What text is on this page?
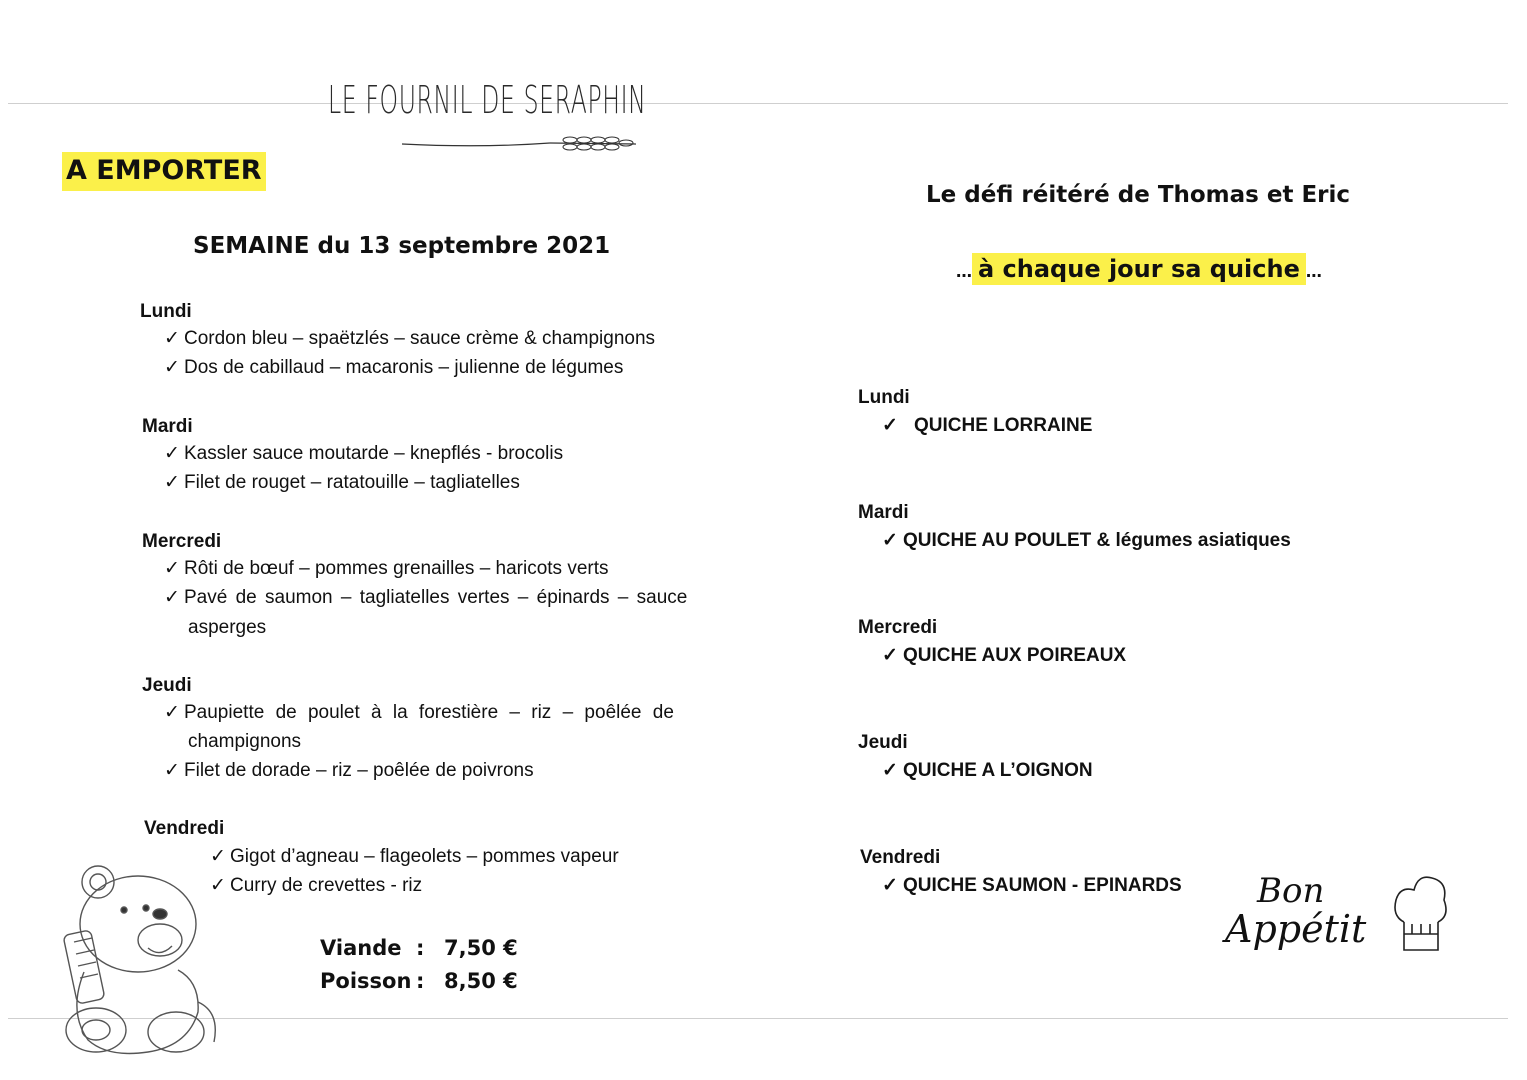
LE FOURNIL DE SERAPHIN
A EMPORTER
SEMAINE du 13 septembre 2021
Lundi
✓ Cordon bleu – spaëtzlés – sauce crème & champignons
✓ Dos de cabillaud – macaronis – julienne de légumes
Mardi
✓ Kassler sauce moutarde – knepflés - brocolis
✓ Filet de rouget – ratatouille – tagliatelles
Mercredi
✓ Rôti de bœuf – pommes grenailles – haricots verts
✓ Pavé de saumon – tagliatelles vertes – épinards – sauce
asperges
Jeudi
✓ Paupiette de poulet à la forestière – riz – poêlée de
champignons
✓ Filet de dorade – riz – poêlée de poivrons
Vendredi
✓ Gigot d’agneau – flageolets – pommes vapeur
✓ Curry de crevettes - riz
Viande : 7,50 €
Poisson : 8,50 €
Le défi réitéré de Thomas et Eric
… à chaque jour sa quiche …
Lundi
✓ QUICHE LORRAINE
Mardi
✓ QUICHE AU POULET & légumes asiatiques
Mercredi
✓ QUICHE AUX POIREAUX
Jeudi
✓ QUICHE A L’OIGNON
Vendredi
✓ QUICHE SAUMON - EPINARDS	Bon
Appétit
